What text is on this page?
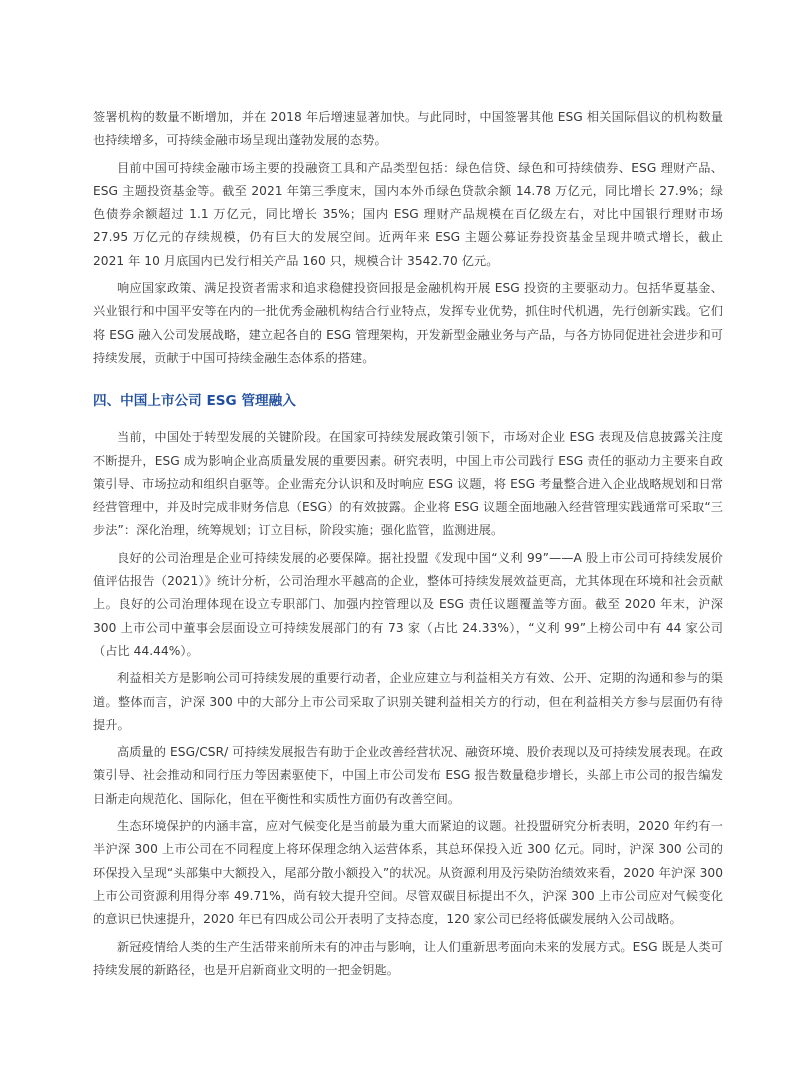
签署机构的数量不断增加，并在 2018 年后增速显著加快。与此同时，中国签署其他 ESG 相关国际倡议的机构数量也持续增多，可持续金融市场呈现出蓬勃发展的态势。

目前中国可持续金融市场主要的投融资工具和产品类型包括：绿色信贷、绿色和可持续债券、ESG 理财产品、ESG 主题投资基金等。截至 2021 年第三季度末，国内本外币绿色贷款余额 14.78 万亿元，同比增长 27.9%；绿色债券余额超过 1.1 万亿元，同比增长 35%；国内 ESG 理财产品规模在百亿级左右，对比中国银行理财市场 27.95 万亿元的存续规模，仍有巨大的发展空间。近两年来 ESG 主题公募证券投资基金呈现井喷式增长，截止 2021 年 10 月底国内已发行相关产品 160 只，规模合计 3542.70 亿元。

响应国家政策、满足投资者需求和追求稳健投资回报是金融机构开展 ESG 投资的主要驱动力。包括华夏基金、兴业银行和中国平安等在内的一批优秀金融机构结合行业特点，发挥专业优势，抓住时代机遇，先行创新实践。它们将 ESG 融入公司发展战略，建立起各自的 ESG 管理架构，开发新型金融业务与产品，与各方协同促进社会进步和可持续发展，贡献于中国可持续金融生态体系的搭建。

四、中国上市公司 ESG 管理融入

当前，中国处于转型发展的关键阶段。在国家可持续发展政策引领下，市场对企业 ESG 表现及信息披露关注度不断提升，ESG 成为影响企业高质量发展的重要因素。研究表明，中国上市公司践行 ESG 责任的驱动力主要来自政策引导、市场拉动和组织自驱等。企业需充分认识和及时响应 ESG 议题，将 ESG 考量整合进入企业战略规划和日常经营管理中，并及时完成非财务信息（ESG）的有效披露。企业将 ESG 议题全面地融入经营管理实践通常可采取“三步法”：深化治理，统筹规划；订立目标，阶段实施；强化监管，监测进展。

良好的公司治理是企业可持续发展的必要保障。据社投盟《发现中国“义利 99”——A 股上市公司可持续发展价值评估报告（2021）》统计分析，公司治理水平越高的企业，整体可持续发展效益更高，尤其体现在环境和社会贡献上。良好的公司治理体现在设立专职部门、加强内控管理以及 ESG 责任议题覆盖等方面。截至 2020 年末，沪深 300 上市公司中董事会层面设立可持续发展部门的有 73 家（占比 24.33%），“义利 99”上榜公司中有 44 家公司（占比 44.44%）。

利益相关方是影响公司可持续发展的重要行动者，企业应建立与利益相关方有效、公开、定期的沟通和参与的渠道。整体而言，沪深 300 中的大部分上市公司采取了识别关键利益相关方的行动，但在利益相关方参与层面仍有待提升。

高质量的 ESG/CSR/ 可持续发展报告有助于企业改善经营状况、融资环境、股价表现以及可持续发展表现。在政策引导、社会推动和同行压力等因素驱使下，中国上市公司发布 ESG 报告数量稳步增长，头部上市公司的报告编发日渐走向规范化、国际化，但在平衡性和实质性方面仍有改善空间。

生态环境保护的内涵丰富，应对气候变化是当前最为重大而紧迫的议题。社投盟研究分析表明，2020 年约有一半沪深 300 上市公司在不同程度上将环保理念纳入运营体系，其总环保投入近 300 亿元。同时，沪深 300 公司的环保投入呈现“头部集中大额投入，尾部分散小额投入”的状况。从资源利用及污染防治绩效来看，2020 年沪深 300 上市公司资源利用得分率 49.71%，尚有较大提升空间。尽管双碳目标提出不久，沪深 300 上市公司应对气候变化的意识已快速提升，2020 年已有四成公司公开表明了支持态度，120 家公司已经将低碳发展纳入公司战略。

新冠疫情给人类的生产生活带来前所未有的冲击与影响，让人们重新思考面向未来的发展方式。ESG 既是人类可持续发展的新路径，也是开启新商业文明的一把金钥匙。
